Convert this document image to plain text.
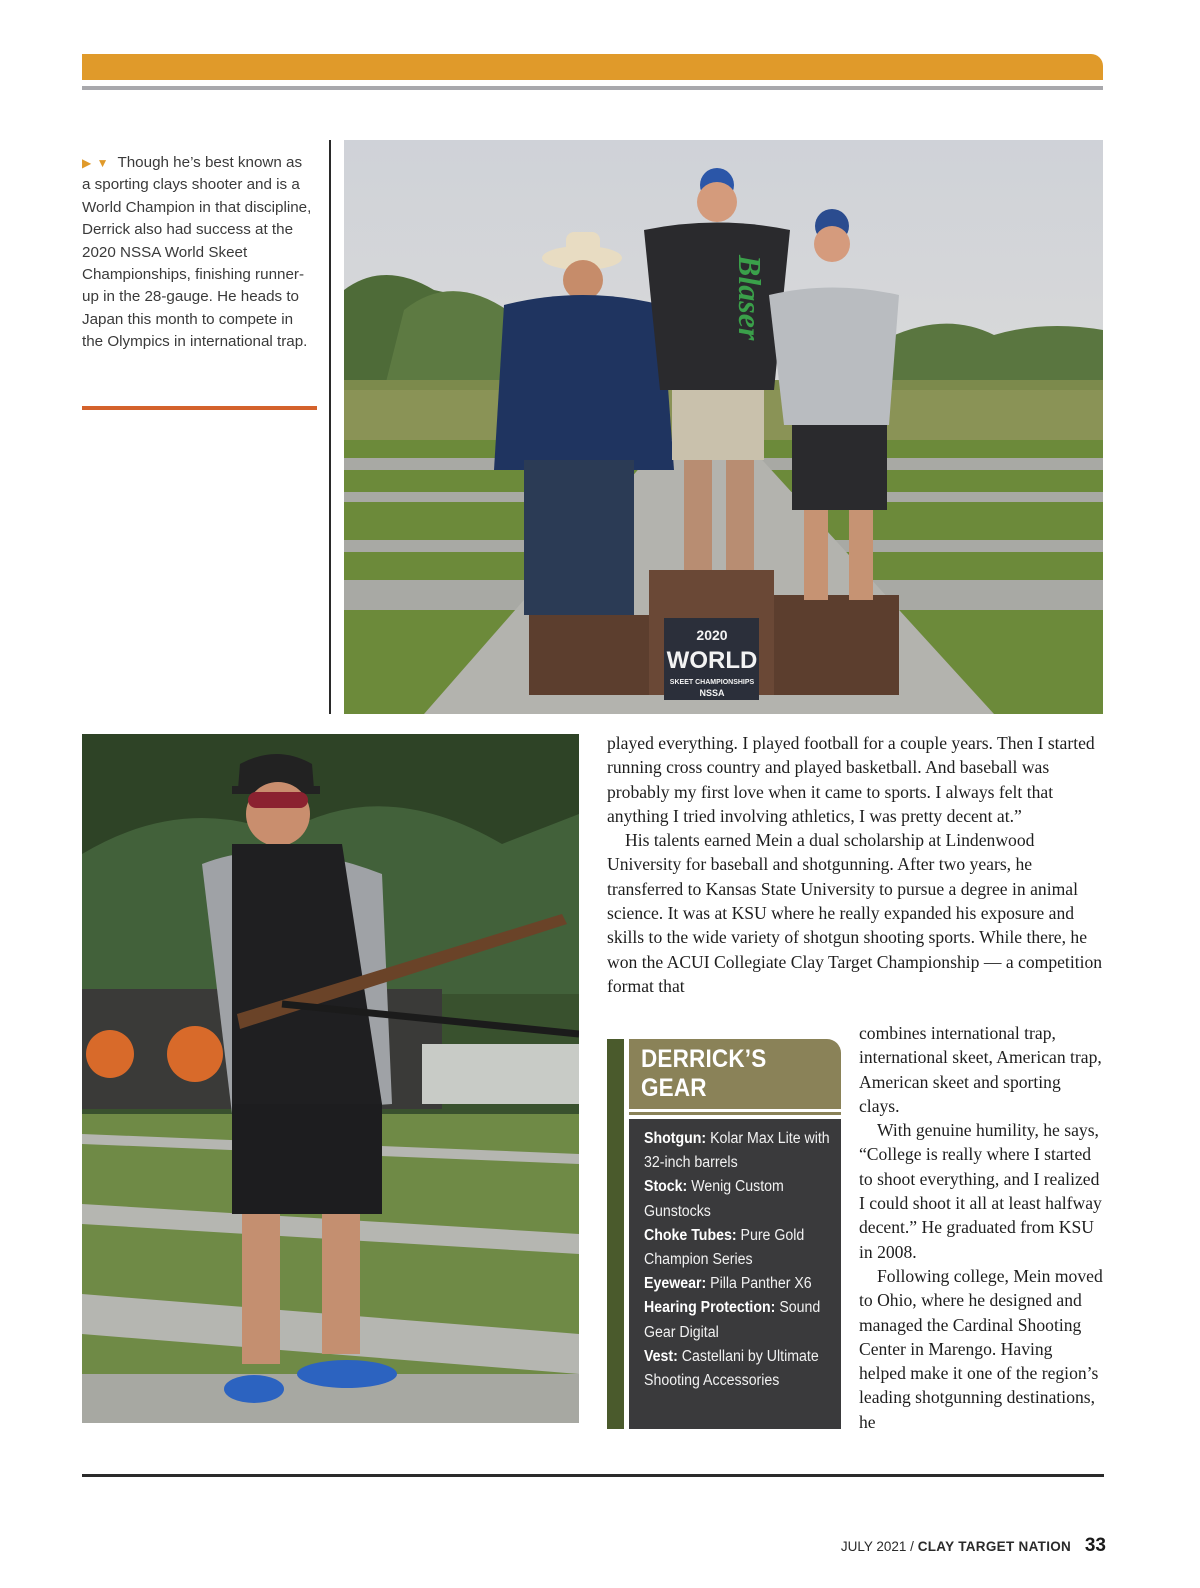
▶ ▼ Though he’s best known as a sporting clays shooter and is a World Champion in that discipline, Derrick also had success at the 2020 NSSA World Skeet Championships, finishing runner-up in the 28-gauge. He heads to Japan this month to compete in the Olympics in international trap.
2020
WORLD
SKEET CHAMPIONSHIPS
NSSA
Blaser

played everything. I played football for a couple years. Then I started running cross country and played basketball. And baseball was probably my first love when it came to sports. I always felt that anything I tried involving athletics, I was pretty decent at.”

His talents earned Mein a dual scholarship at Lindenwood University for baseball and shotgunning. After two years, he transferred to Kansas State University to pursue a degree in animal science. It was at KSU where he really expanded his exposure and skills to the wide variety of shotgun shooting sports. While there, he won the ACUI Collegiate Clay Target Championship — a competition format that

combines international trap, international skeet, American trap, American skeet and sporting clays.

With genuine humility, he says, “College is really where I started to shoot everything, and I realized I could shoot it all at least halfway decent.” He graduated from KSU in 2008.

Following college, Mein moved to Ohio, where he designed and managed the Cardinal Shooting Center in Marengo. Having helped make it one of the region’s leading shotgunning destinations, he

DERRICK’S GEAR
Shotgun: Kolar Max Lite with 32-inch barrels
Stock: Wenig Custom Gunstocks
Choke Tubes: Pure Gold Champion Series
Eyewear: Pilla Panther X6
Hearing Protection: Sound Gear Digital
Vest: Castellani by Ultimate Shooting Accessories
JULY 2021 / CLAY TARGET NATION 33
